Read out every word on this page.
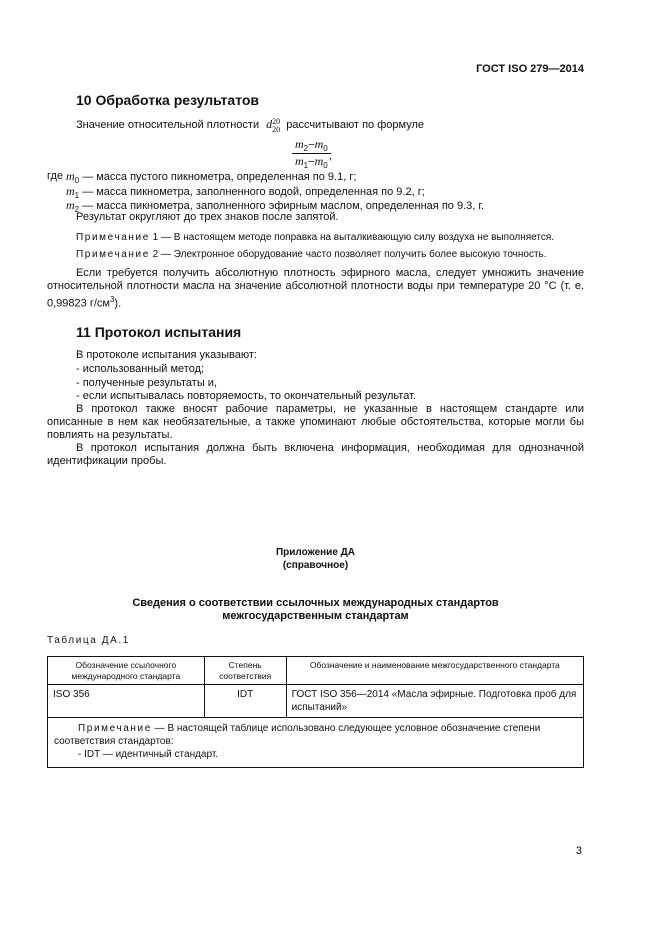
ГОСТ ISO 279—2014
10 Обработка результатов
Значение относительной плотности d 20
20 рассчитывают по формуле
$\frac{m_2-m_0}{m_1-m_0}$
,
где $m_0$ — масса пустого пикнометра, определенная по 9.1, г;
$m_1$ — масса пикнометра, заполненного водой, определенная по 9.2, г;
$m_2$ — масса пикнометра, заполненного эфирным маслом, определенная по 9.3, г.
Результат округляют до трех знаков после запятой.
Примечание 1 — В настоящем методе поправка на выталкивающую силу воздуха не выполняется.
Примечание 2 — Электронное оборудование часто позволяет получить более высокую точность.
Если требуется получить абсолютную плотность эфирного масла, следует умножить значение относительной плотности масла на значение абсолютной плотности воды при температуре 20 °C (т. е. 0,99823 $г/см^3$).
11 Протокол испытания
В протоколе испытания указывают:
- использованный метод;
- полученные результаты и,
- если испытывалась повторяемость, то окончательный результат.
В протокол также вносят рабочие параметры, не указанные в настоящем стандарте или описанные в нем как необязательные, а также упоминают любые обстоятельства, которые могли бы повлиять на результаты.
В протокол испытания должна быть включена информация, необходимая для однозначной идентификации пробы.
Приложение ДА
(справочное)
Сведения о соответствии ссылочных международных стандартов
межгосударственным стандартам
Таблица ДА.1
Обозначение ссылочного международного стандарта	Степень соответствия	Обозначение и наименование межгосударственного стандарта
ISO 356	IDT	ГОСТ ISO 356—2014 «Масла эфирные. Подготовка проб для испытаний»

Примечание — В настоящей таблице использовано следующее условное обозначение степени соответствия стандартов:
- IDT — идентичный стандарт.		
3
